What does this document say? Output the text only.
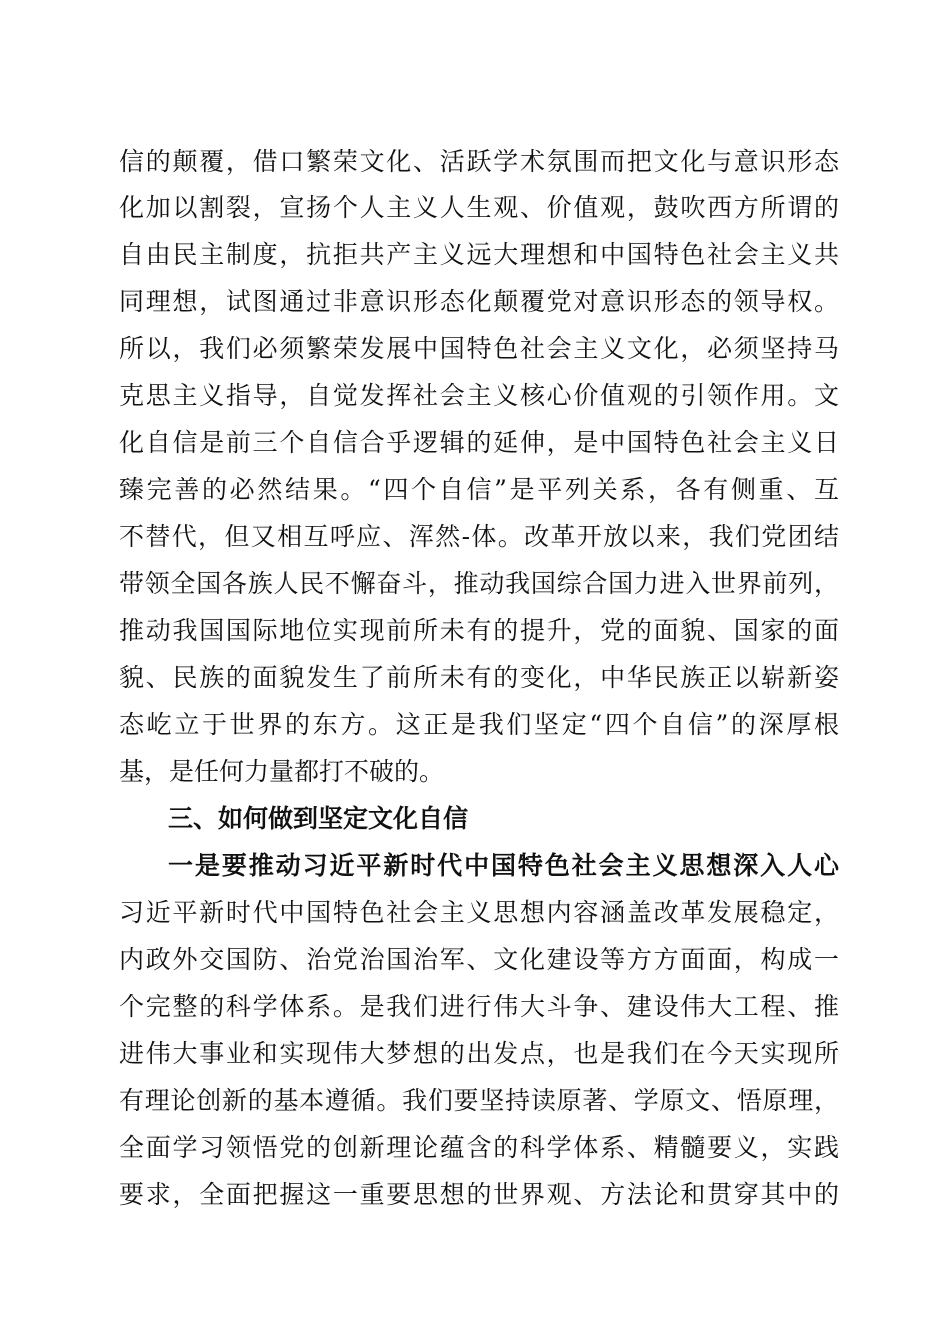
信的颠覆，借口繁荣文化、活跃学术氛围而把文化与意识形态
化加以割裂，宣扬个人主义人生观、价值观，鼓吹西方所谓的
自由民主制度，抗拒共产主义远大理想和中国特色社会主义共
同理想，试图通过非意识形态化颠覆党对意识形态的领导权。
所以，我们必须繁荣发展中国特色社会主义文化，必须坚持马
克思主义指导，自觉发挥社会主义核心价值观的引领作用。文
化自信是前三个自信合乎逻辑的延伸，是中国特色社会主义日
臻完善的必然结果。“四个自信”是平列关系，各有侧重、互
不替代，但又相互呼应、浑然-体。改革开放以来，我们党团结
带领全国各族人民不懈奋斗，推动我国综合国力进入世界前列，
推动我国国际地位实现前所未有的提升，党的面貌、国家的面
貌、民族的面貌发生了前所未有的变化，中华民族正以崭新姿
态屹立于世界的东方。这正是我们坚定“四个自信”的深厚根
基，是任何力量都打不破的。
三、如何做到坚定文化自信
一是要推动习近平新时代中国特色社会主义思想深入人心
习近平新时代中国特色社会主义思想内容涵盖改革发展稳定，
内政外交国防、治党治国治军、文化建设等方方面面，构成一
个完整的科学体系。是我们进行伟大斗争、建设伟大工程、推
进伟大事业和实现伟大梦想的出发点，也是我们在今天实现所
有理论创新的基本遵循。我们要坚持读原著、学原文、悟原理，
全面学习领悟党的创新理论蕴含的科学体系、精髓要义，实践
要求，全面把握这一重要思想的世界观、方法论和贯穿其中的
